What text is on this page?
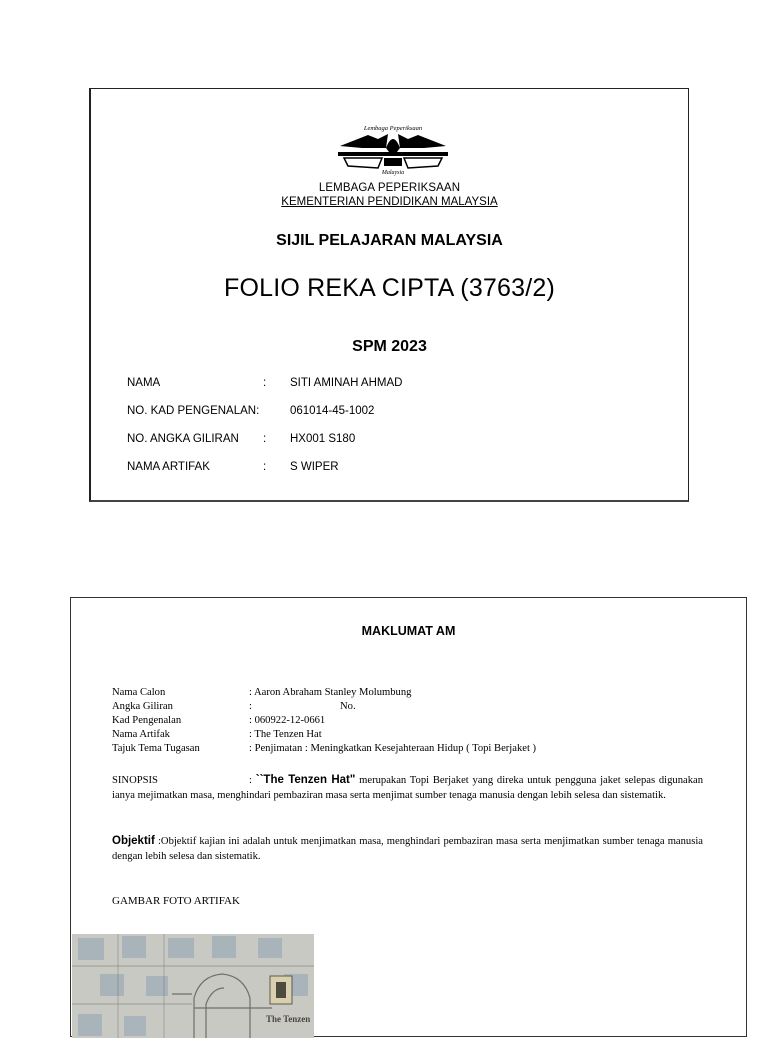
Lembaga Peperiksaan
Malaysia
LEMBAGA PEPERIKSAAN
KEMENTERIAN PENDIDIKAN MALAYSIA
SIJIL PELAJARAN MALAYSIA
FOLIO REKA CIPTA (3763/2)
SPM 2023
NAMA	: SITI AMINAH AHMAD
NO. KAD PENGENALAN:	061014-45-1002
NO. ANGKA GILIRAN : HX001 S180
NAMA ARTIFAK	: S WIPER
MAKLUMAT AM
Nama Calon	: Aaron Abraham Stanley Molumbung
Angka Giliran	:	No.
Kad Pengenalan	: 060922-12-0661
Nama Artifak	: The Tenzen Hat
Tajuk Tema Tugasan	: Penjimatan : Meningkatkan Kesejahteraan Hidup ( Topi Berjaket )
SINOPSIS	: ``The Tenzen Hat" merupakan Topi Berjaket yang direka untuk pengguna jaket selepas digunakan ianya mejimatkan masa, menghindari pembaziran masa serta menjimat sumber tenaga manusia dengan lebih selesa dan sistematik.
Objektif :Objektif kajian ini adalah untuk menjimatkan masa, menghindari pembaziran masa serta menjimatkan sumber tenaga manusia dengan lebih selesa dan sistematik.
GAMBAR FOTO ARTIFAK
The Tenzen
